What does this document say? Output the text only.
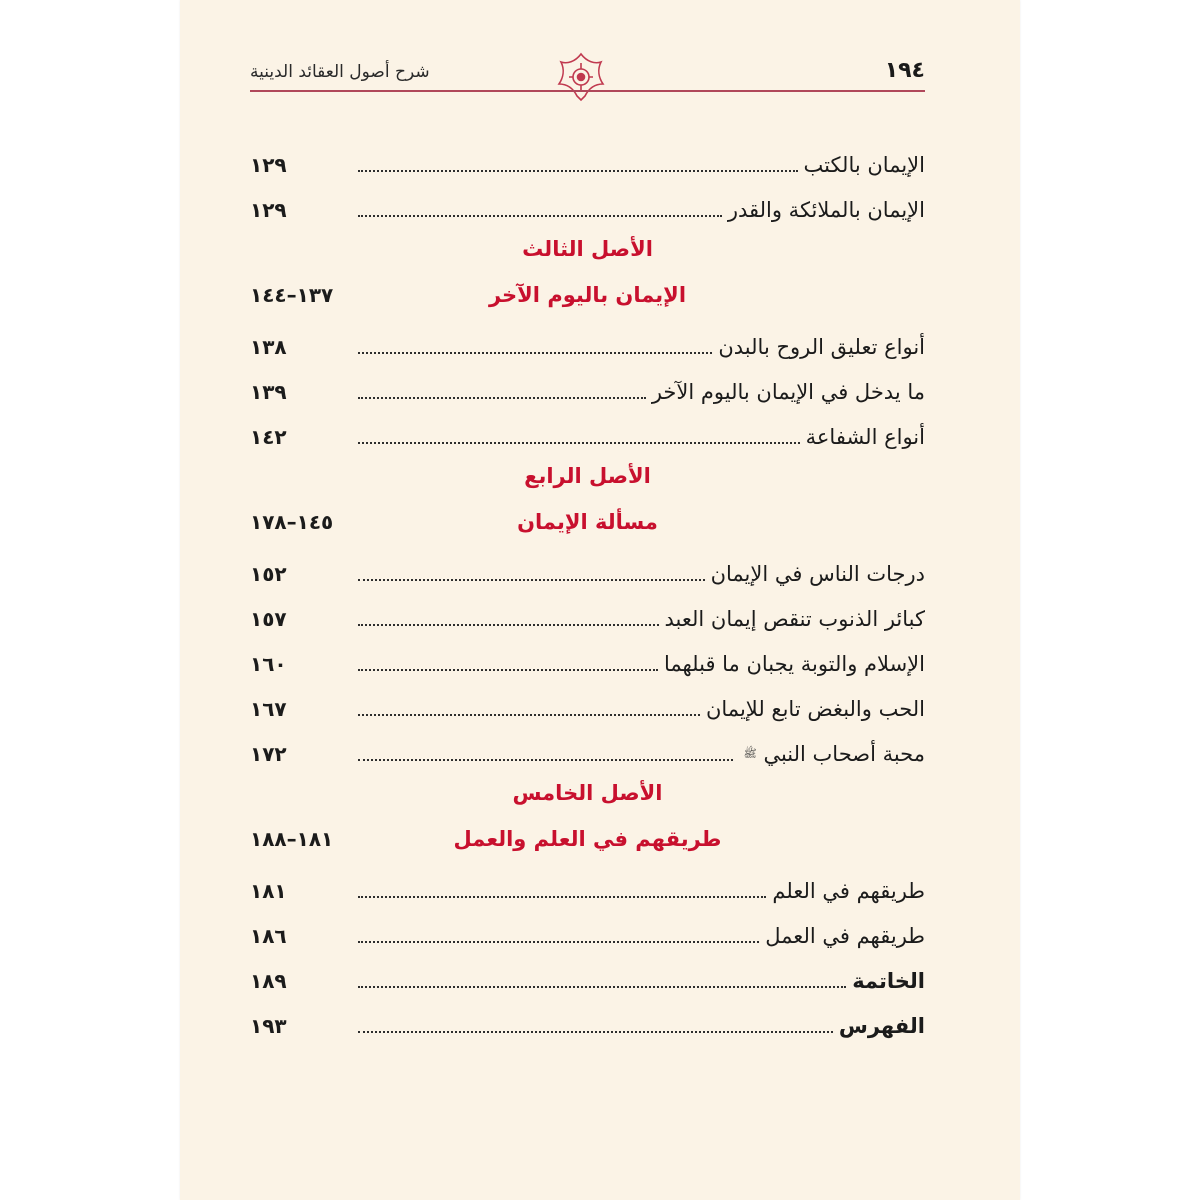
١٩٤
شرح أصول العقائد الدينية
الإيمان بالكتب
١٢٩
الإيمان بالملائكة والقدر
١٢٩
الأصل الثالث
الإيمان باليوم الآخر
١٣٧–١٤٤
أنواع تعليق الروح بالبدن
١٣٨
ما يدخل في الإيمان باليوم الآخر
١٣٩
أنواع الشفاعة
١٤٢
الأصل الرابع
مسألة الإيمان
١٤٥–١٧٨
درجات الناس في الإيمان
١٥٢
كبائر الذنوب تنقص إيمان العبد
١٥٧
الإسلام والتوبة يجبان ما قبلهما
١٦٠
الحب والبغض تابع للإيمان
١٦٧
محبة أصحاب النبي ﷺ
١٧٢
الأصل الخامس
طريقهم في العلم والعمل
١٨١–١٨٨
طريقهم في العلم
١٨١
طريقهم في العمل
١٨٦
الخاتمة
١٨٩
الفهرس
١٩٣
